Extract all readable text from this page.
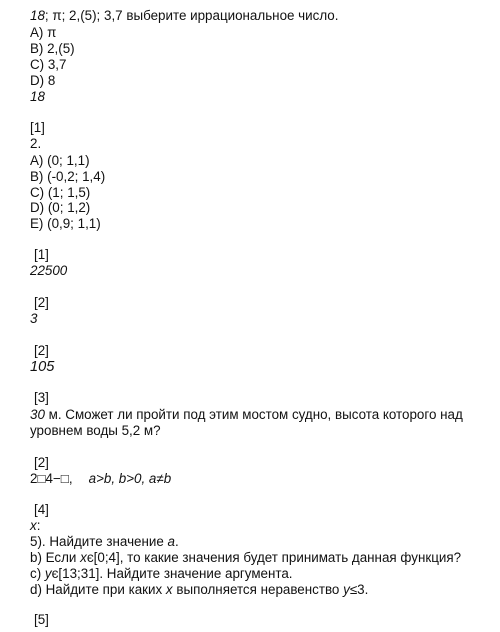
18; π; 2,(5); 3,7 выберите иррациональное число.
A) π
B) 2,(5)
C) 3,7
D) 8
18
[1]
2.
A) (0; 1,1)
B) (-0,2; 1,4)
C) (1; 1,5)
D) (0; 1,2)
E) (0,9; 1,1)
[1]
22500
[2]
3
[2]
105
[3]
30 м. Сможет ли пройти под этим мостом судно, высота которого над
уровнем воды 5,2 м?
[2]
2□4−□, a>b, b>0, a≠b
[4]
x:
5). Найдите значение a.
b) Если xє[0;4], то какие значения будет принимать данная функция?
c) yє[13;31]. Найдите значение аргумента.
d) Найдите при каких x выполняется неравенство y≤3.
[5]
